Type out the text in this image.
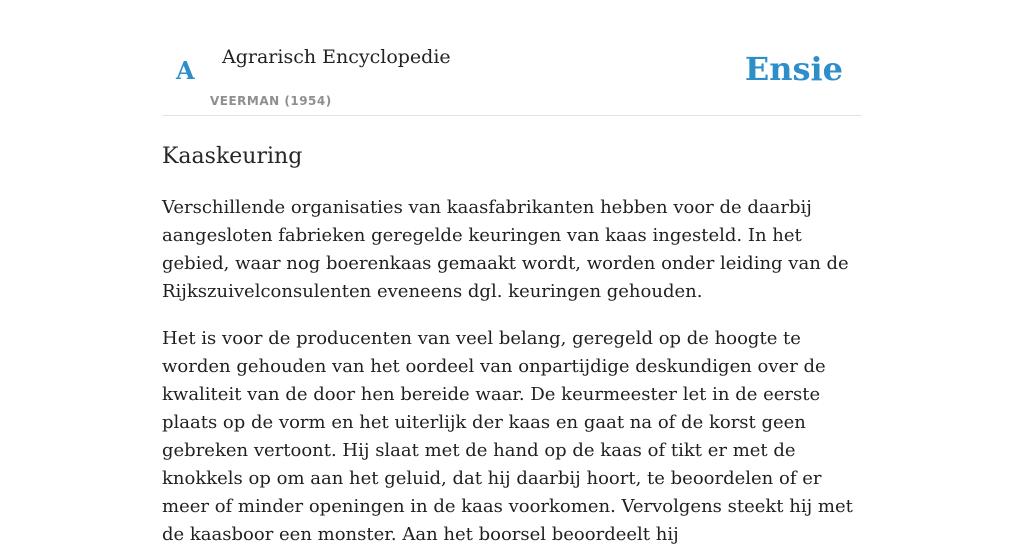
A Agrarisch Encyclopedie
VEERMAN (1954)
Ensie
Kaaskeuring

Verschillende organisaties van kaasfabrikanten hebben voor de daarbij aangesloten fabrieken geregelde keuringen van kaas ingesteld. In het gebied, waar nog boerenkaas gemaakt wordt, worden onder leiding van de Rijkszuivelconsulenten eveneens dgl. keuringen gehouden.

Het is voor de producenten van veel belang, geregeld op de hoogte te worden gehouden van het oordeel van onpartijdige deskundigen over de kwaliteit van de door hen bereide waar. De keurmeester let in de eerste plaats op de vorm en het uiterlijk der kaas en gaat na of de korst geen gebreken vertoont. Hij slaat met de hand op de kaas of tikt er met de knokkels op om aan het geluid, dat hij daarbij hoort, te beoordelen of er meer of minder openingen in de kaas voorkomen. Vervolgens steekt hij met de kaasboor een monster. Aan het boorsel beoordeelt hij
